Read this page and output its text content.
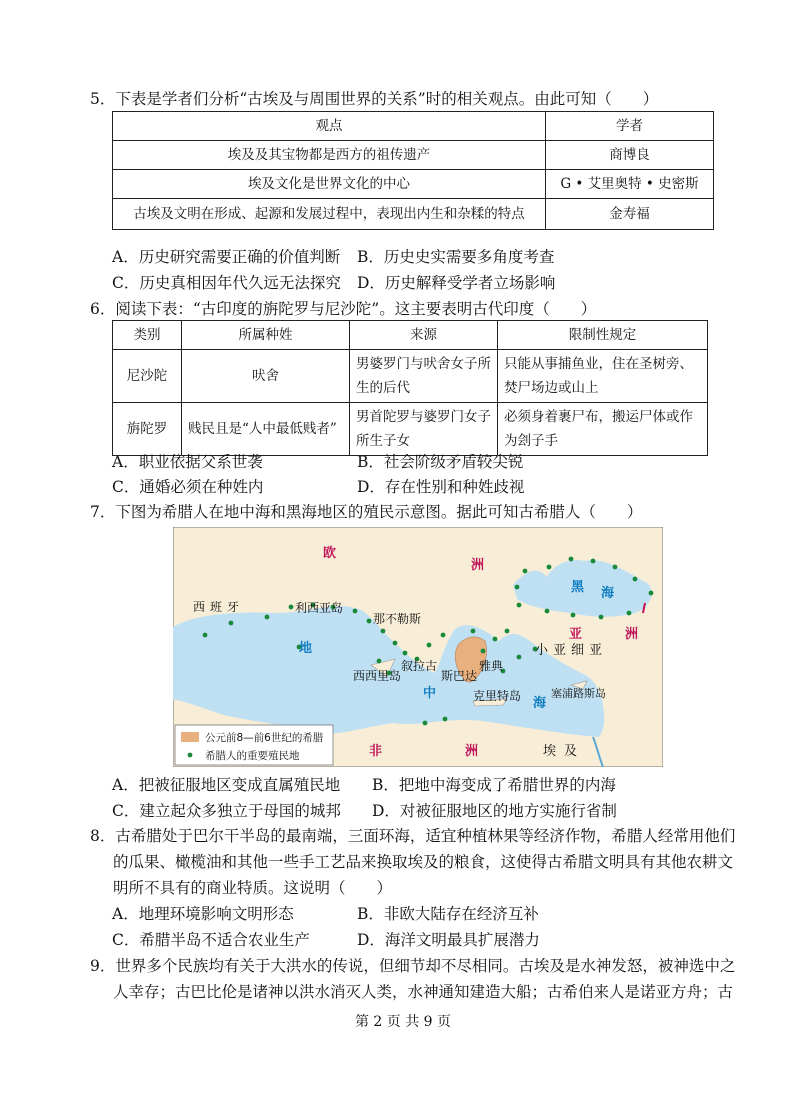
5．下表是学者们分析“古埃及与周围世界的关系”时的相关观点。由此可知（　　）
观点	学者
埃及及其宝物都是西方的祖传遗产	商博良
埃及文化是世界文化的中心	G • 艾里奥特 • 史密斯
古埃及文明在形成、起源和发展过程中，表现出内生和杂糅的特点	金寿福
A．历史研究需要正确的价值判断 B．历史史实需要多角度考查
C．历史真相因年代久远无法探究 D．历史解释受学者立场影响
6．阅读下表：“古印度的旃陀罗与尼沙陀”。这主要表明古代印度（　　）
类别	所属种姓	来源	限制性规定
尼沙陀	吠舍	男婆罗门与吠舍女子所生的后代	只能从事捕鱼业，住在圣树旁、焚尸场边或山上
旃陀罗	贱民且是“人中最低贱者”	男首陀罗与婆罗门女子所生子女	必须身着裹尸布，搬运尸体或作为刽子手
A．职业依据父系世袭	B．社会阶级矛盾较尖锐
C．通婚必须在种姓内	D．存在性别和种姓歧视
7．下图为希腊人在地中海和黑海地区的殖民示意图。据此可知古希腊人（　　）
欧
洲
黑 海
西班牙	利西亚岛
那不勒斯
亚	洲
小亚细亚
地
中
海
叙拉古	雅典
西西里岛	斯巴达
克里特岛	塞浦路斯岛
非	洲	埃及
公元前8—前6世纪的希腊
希腊人的重要殖民地
A．把被征服地区变成直属殖民地 B．把地中海变成了希腊世界的内海
C．建立起众多独立于母国的城邦 D．对被征服地区的地方实施行省制
8．古希腊处于巴尔干半岛的最南端，三面环海，适宜种植林果等经济作物，希腊人经常用他们
的瓜果、橄榄油和其他一些手工艺品来换取埃及的粮食，这使得古希腊文明具有其他农耕文
明所不具有的商业特质。这说明（　　）
A．地理环境影响文明形态	B．非欧大陆存在经济互补
C．希腊半岛不适合农业生产	D．海洋文明最具扩展潜力
9．世界多个民族均有关于大洪水的传说，但细节却不尽相同。古埃及是水神发怒，被神选中之
人幸存；古巴比伦是诸神以洪水消灭人类，水神通知建造大船；古希伯来人是诺亚方舟；古
第 2 页 共 9 页
